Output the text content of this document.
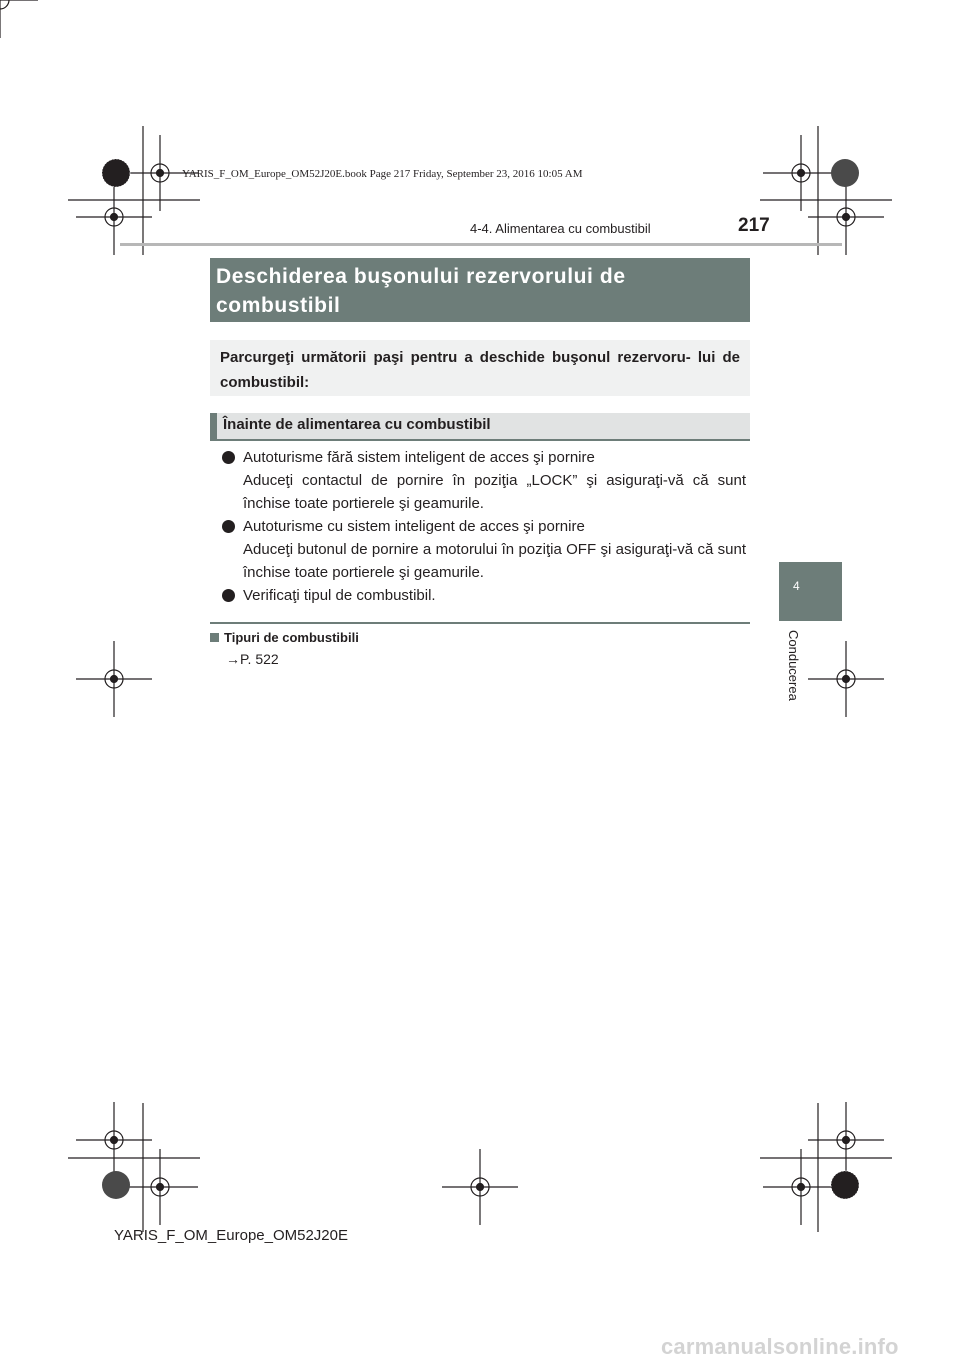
YARIS_F_OM_Europe_OM52J20E.book Page 217 Friday, September 23, 2016 10:05 AM
4-4. Alimentarea cu combustibil	217
Deschiderea buşonului rezervorului de combustibil
Parcurgeţi următorii paşi pentru a deschide buşonul rezervoru- lui de combustibil:
Înainte de alimentarea cu combustibil
Autoturisme fără sistem inteligent de acces şi pornire
Aduceţi contactul de pornire în poziţia „LOCK” şi asiguraţi-vă că sunt închise toate portierele şi geamurile.
Autoturisme cu sistem inteligent de acces şi pornire
Aduceţi butonul de pornire a motorului în poziţia OFF şi asiguraţi-vă că sunt închise toate portierele şi geamurile.
Verificaţi tipul de combustibil.
Tipuri de combustibili
→P. 522
4
Conducerea
YARIS_F_OM_Europe_OM52J20E
carmanualsonline.info
